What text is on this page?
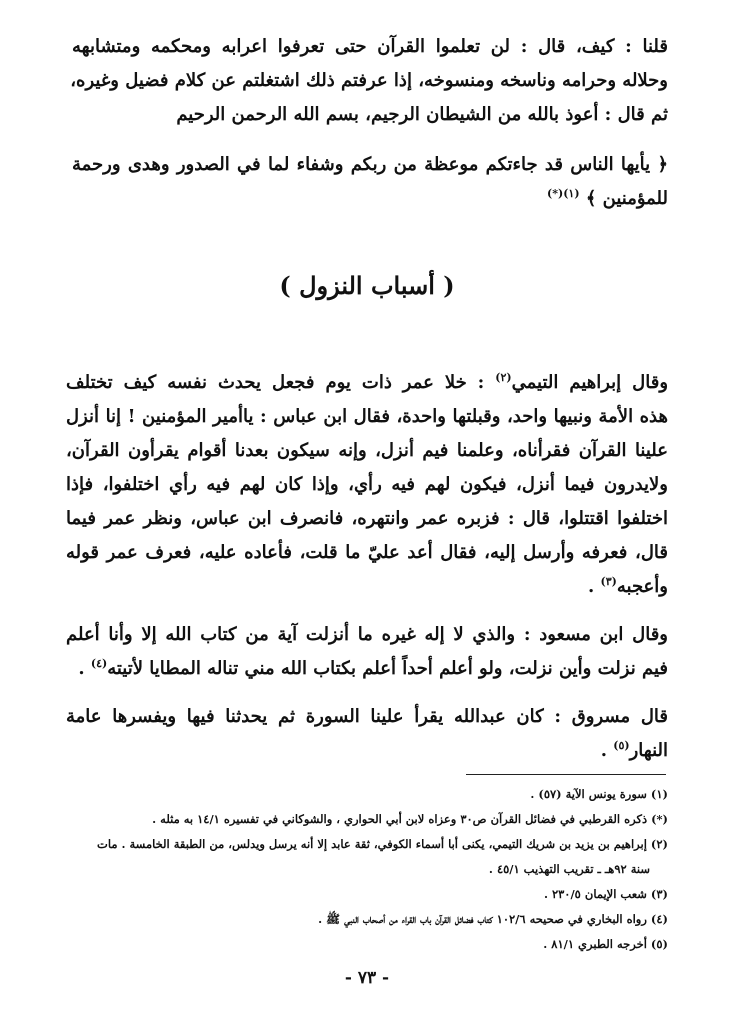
قلنا : كيف، قال : لن تعلموا القرآن حتى تعرفوا اعرابه ومحكمه ومتشابهه
وحلاله وحرامه وناسخه ومنسوخه، إذا عرفتم ذلك اشتغلتم عن كلام فضيل وغيره،
ثم قال : أعوذ بالله من الشيطان الرجيم، بسم الله الرحمن الرحيم
﴿ يأيها الناس قد جاءتكم موعظة من ربكم وشفاء لما في الصدور وهدى ورحمة
للمؤمنين ﴾ $^{(١)(*)}$
( أسباب النزول )
وقال إبراهيم التيمي$^{(٢)}$ : خلا عمر ذات يوم فجعل يحدث نفسه كيف تختلف
هذه الأمة ونبيها واحد، وقبلتها واحدة، فقال ابن عباس : ياأمير المؤمنين ! إنا أنزل
علينا القرآن فقرأناه، وعلمنا فيم أنزل، وإنه سيكون بعدنا أقوام يقرأون القرآن،
ولايدرون فيما أنزل، فيكون لهم فيه رأي، وإذا كان لهم فيه رأي اختلفوا، فإذا
اختلفوا اقتتلوا، قال : فزبره عمر وانتهره، فانصرف ابن عباس، ونظر عمر فيما
قال، فعرفه وأرسل إليه، فقال أعد عليّ ما قلت، فأعاده عليه، فعرف عمر قوله
وأعجبه$^{(٣)}$ .
وقال ابن مسعود : والذي لا إله غيره ما أنزلت آية من كتاب الله إلا وأنا أعلم
فيم نزلت وأين نزلت، ولو أعلم أحداً أعلم بكتاب الله مني تناله المطايا لأتيته$^{(٤)}$ .
قال مسروق : كان عبدالله يقرأ علينا السورة ثم يحدثنا فيها ويفسرها عامة
النهار$^{(٥)}$ .
(١) سورة يونس الآية (٥٧) .
(*) ذكره القرطبي في فضائل القرآن ص٣٠ وعزاه لابن أبي الحواري ، والشوكاني في تفسيره ١٤/١ به مثله .
(٢) إبراهيم بن يزيد بن شريك التيمي، يكنى أبا أسماء الكوفي، ثقة عابد إلا أنه يرسل ويدلس، من الطبقة الخامسة . مات
سنة ٩٢هـ ـ تقريب التهذيب ٤٥/١ .
(٣) شعب الإيمان ٢٣٠/٥ .
(٤) رواه البخاري في صحيحه ١٠٢/٦ كتاب فضائل القرآن باب القراء من أصحاب النبي ﷺ .
(٥) أخرجه الطبري ٨١/١ .
- ٧٣ -
